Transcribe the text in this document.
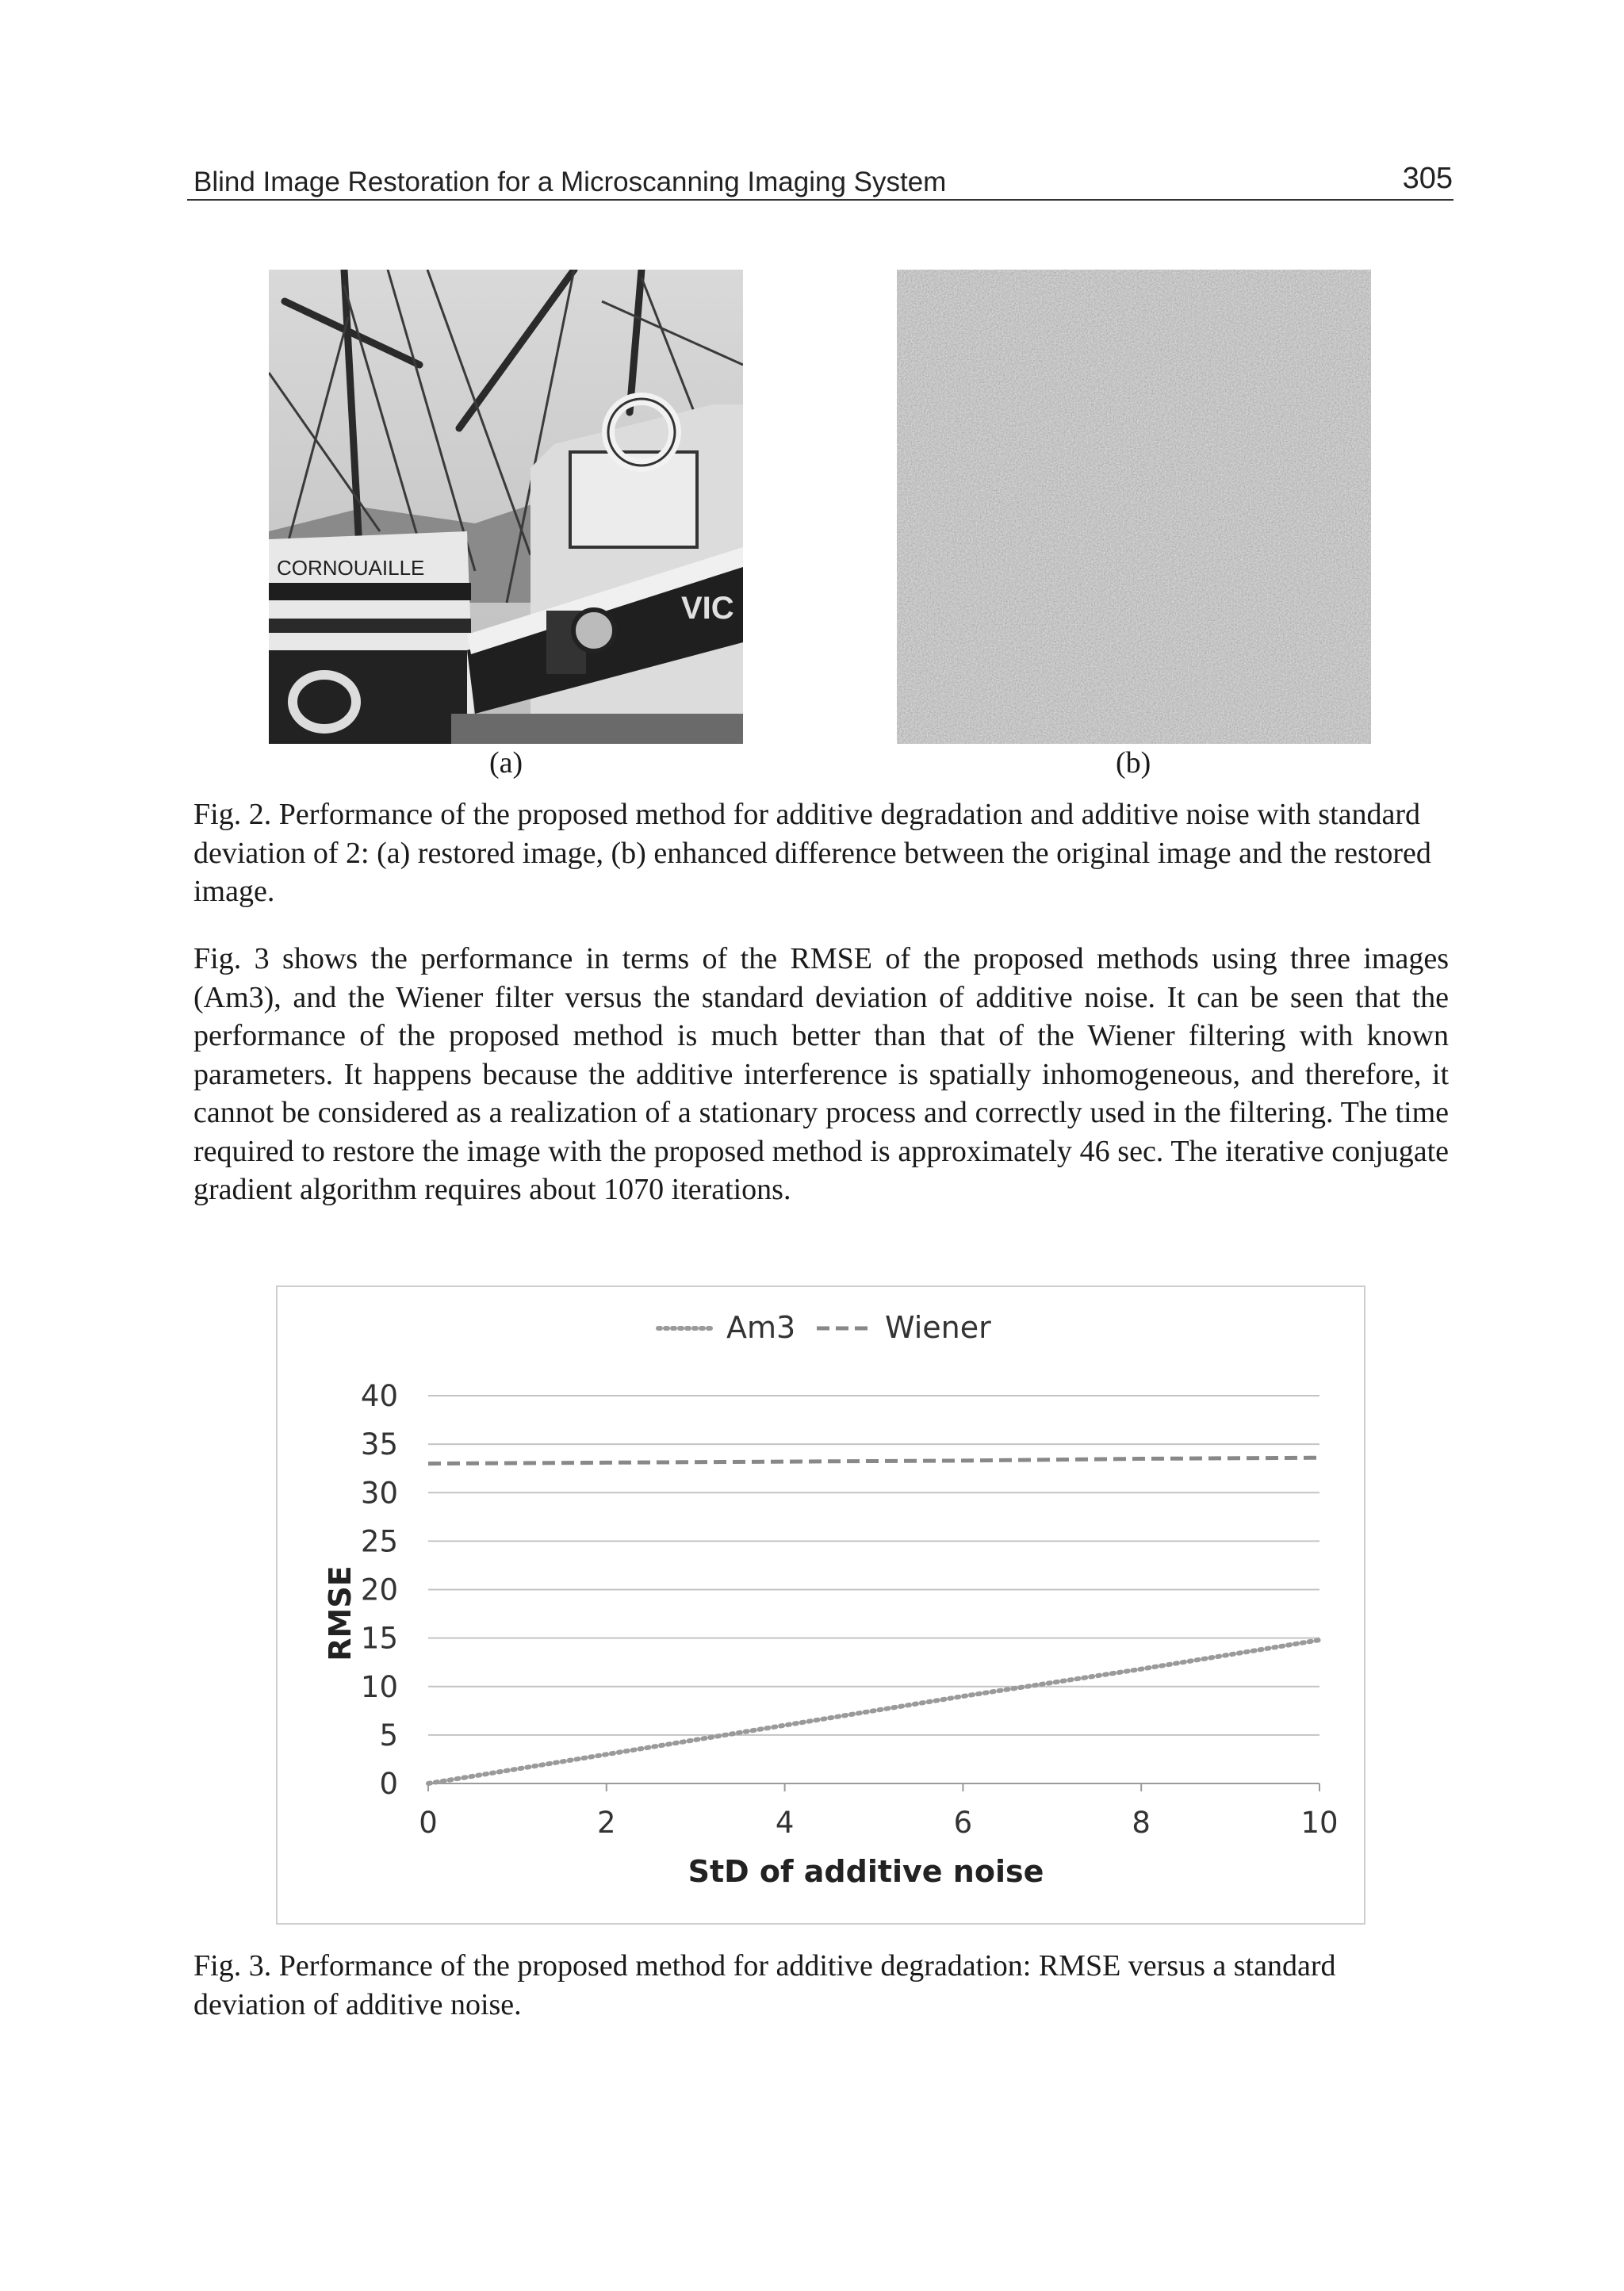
Blind Image Restoration for a Microscanning Imaging System	305
CORNOUAILLE
VIC
(a)	(b)
Fig. 2. Performance of the proposed method for additive degradation and additive noise with standard deviation of 2: (a) restored image, (b) enhanced difference between the original image and the restored image.
Fig. 3 shows the performance in terms of the RMSE of the proposed methods using three images (Am3), and the Wiener filter versus the standard deviation of additive noise. It can be seen that the performance of the proposed method is much better than that of the Wiener filtering with known parameters. It happens because the additive interference is spatially inhomogeneous, and therefore, it cannot be considered as a realization of a stationary process and correctly used in the filtering. The time required to restore the image with the proposed method is approximately 46 sec. The iterative conjugate gradient algorithm requires about 1070 iterations.
0
5
10
15
20
25
30
35
40
0	2	4	6	8	10
StD of additive noise
RMSE
Am3	Wiener
Fig. 3. Performance of the proposed method for additive degradation: RMSE versus a standard deviation of additive noise.
